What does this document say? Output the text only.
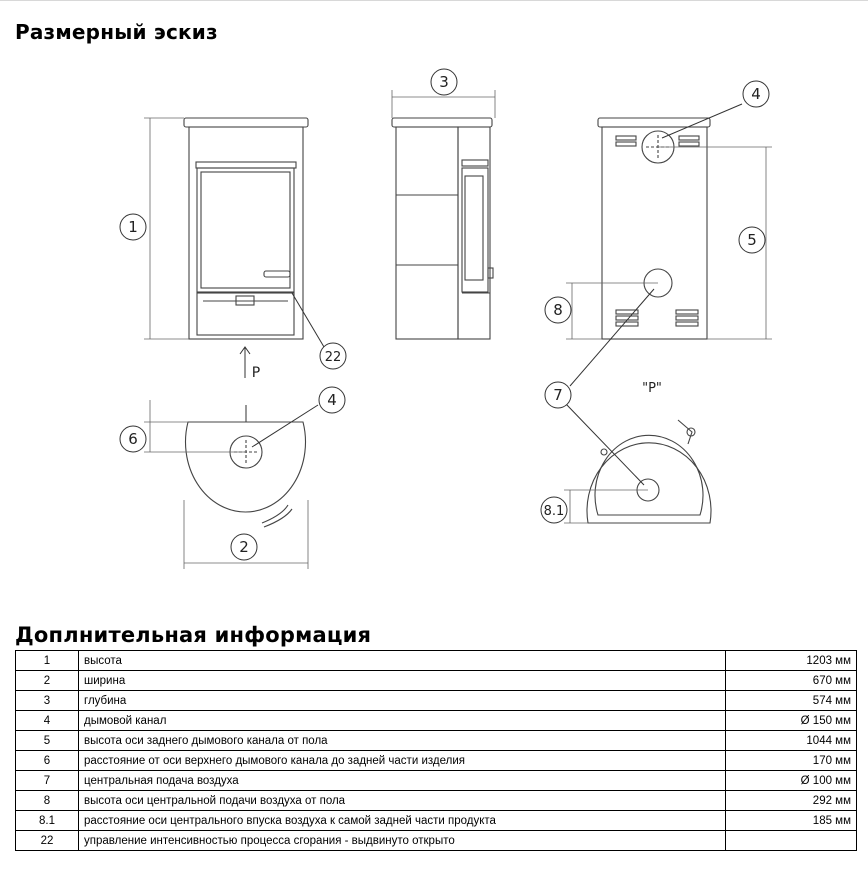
Размерный эскиз
1
2
3
4
5
6
7
8
8.1
22
4
P
"P"
Доплнительная информация
1	высота	1203 мм
2	ширина	670 мм
3	глубина	574 мм
4	дымовой канал	Ø 150 мм
5	высота оси заднего дымового канала от пола	1044 мм
6	расстояние от оси верхнего дымового канала до задней части изделия	170 мм
7	центральная подача воздуха	Ø 100 мм
8	высота оси центральной подачи воздуха от пола	292 мм
8.1	расстояние оси центрального впуска воздуха к самой задней части продукта	185 мм
22	управление интенсивностью процесса сгорания - выдвинуто открыто	
